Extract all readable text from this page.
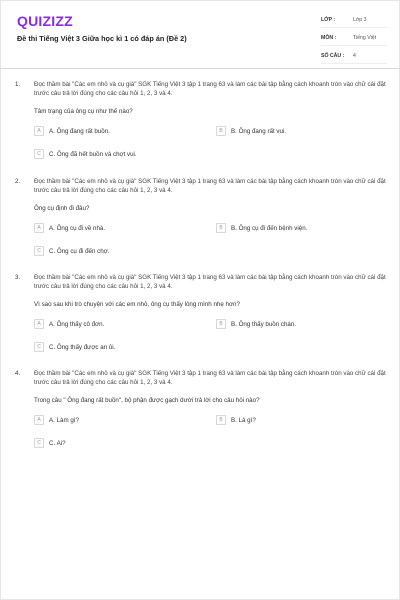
QUIZIZZ
Đề thi Tiếng Việt 3 Giữa học kì 1 có đáp án (Đề 2)
LỚP :	Lớp 3
MÔN :	Tiếng Việt
SỐ CÂU :	4
1.	Đọc thầm bài "Các em nhỏ và cụ già" SGK Tiếng Việt 3 tập 1 trang 63 và làm các bài tập bằng cách khoanh tròn vào chữ cái đặt trước câu trả lời đúng cho các câu hỏi 1, 2, 3 và 4.
Tâm trạng của ông cụ như thế nào?
A	A. Ông đang rất buồn.	B	B. Ông đang rất vui.
C	C. Ông đã hết buồn và chợt vui.
2.	Đọc thầm bài "Các em nhỏ và cụ già" SGK Tiếng Việt 3 tập 1 trang 63 và làm các bài tập bằng cách khoanh tròn vào chữ cái đặt trước câu trả lời đúng cho các câu hỏi 1, 2, 3 và 4.
Ông cụ định đi đâu?
A	A. Ông cụ đi về nhà.	B	B. Ông cụ đi đến bệnh viện.
C	C. Ông cụ đi đến chợ.
3.	Đọc thầm bài "Các em nhỏ và cụ già" SGK Tiếng Việt 3 tập 1 trang 63 và làm các bài tập bằng cách khoanh tròn vào chữ cái đặt trước câu trả lời đúng cho các câu hỏi 1, 2, 3 và 4.
Vì sao sau khi trò chuyện với các em nhỏ, ông cụ thấy lòng mình nhẹ hơn?
A	A. Ông thấy cô đơn.	B	B. Ông thấy buồn chán.
C	C. Ông thấy được an ủi.
4.	Đọc thầm bài "Các em nhỏ và cụ già" SGK Tiếng Việt 3 tập 1 trang 63 và làm các bài tập bằng cách khoanh tròn vào chữ cái đặt trước câu trả lời đúng cho các câu hỏi 1, 2, 3 và 4.
Trong câu " Ông đang rất buồn", bộ phận được gạch dưới trả lời cho câu hỏi nào?
A	A. Làm gì?	B	B. Là gì?
C	C. Ai?
